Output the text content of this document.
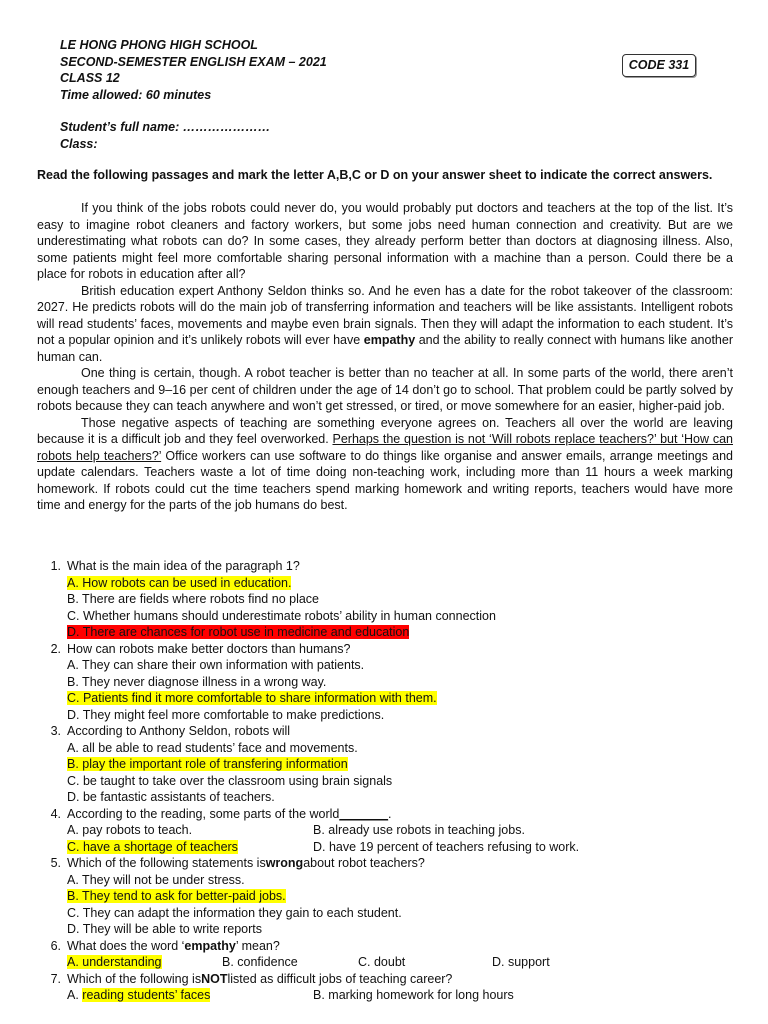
LE HONG PHONG HIGH SCHOOL
SECOND-SEMESTER ENGLISH EXAM – 2021
CLASS 12
Time allowed: 60 minutes
Student’s full name: …………………
Class:
CODE 331
Read the following passages and mark the letter A,B,C or D on your answer sheet to indicate the correct answers.

If you think of the jobs robots could never do, you would probably put doctors and teachers at the top of the list. It’s easy to imagine robot cleaners and factory workers, but some jobs need human connection and creativity. But are we underestimating what robots can do? In some cases, they already perform better than doctors at diagnosing illness. Also, some patients might feel more comfortable sharing personal information with a machine than a person. Could there be a place for robots in education after all?

British education expert Anthony Seldon thinks so. And he even has a date for the robot takeover of the classroom: 2027. He predicts robots will do the main job of transferring information and teachers will be like assistants. Intelligent robots will read students’ faces, movements and maybe even brain signals. Then they will adapt the information to each student. It’s not a popular opinion and it’s unlikely robots will ever have empathy and the ability to really connect with humans like another human can.

One thing is certain, though. A robot teacher is better than no teacher at all. In some parts of the world, there aren’t enough teachers and 9–16 per cent of children under the age of 14 don’t go to school. That problem could be partly solved by robots because they can teach anywhere and won’t get stressed, or tired, or move somewhere for an easier, higher-paid job.

Those negative aspects of teaching are something everyone agrees on. Teachers all over the world are leaving because it is a difficult job and they feel overworked. Perhaps the question is not ‘Will robots replace teachers?’ but ‘How can robots help teachers?’ Office workers can use software to do things like organise and answer emails, arrange meetings and update calendars. Teachers waste a lot of time doing non-teaching work, including more than 11 hours a week marking homework. If robots could cut the time teachers spend marking homework and writing reports, teachers would have more time and energy for the parts of the job humans do best.

1. What is the main idea of the paragraph 1?
A. How robots can be used in education.
B. There are fields where robots find no place
C. Whether humans should underestimate robots’ ability in human connection
D. There are chances for robot use in medicine and education
2. How can robots make better doctors than humans?
A. They can share their own information with patients.
B. They never diagnose illness in a wrong way.
C. Patients find it more comfortable to share information with them.
D. They might feel more comfortable to make predictions.
3. According to Anthony Seldon, robots will
A. all be able to read students’ face and movements.
B. play the important role of transfering information
C. be taught to take over the classroom using brain signals
D. be fantastic assistants of teachers.
4. According to the reading, some parts of the world _______ .
A. pay robots to teach.	B. already use robots in teaching jobs.
C. have a shortage of teachers	D. have 19 percent of teachers refusing to work.
5. Which of the following statements is wrong about robot teachers?
A. They will not be under stress.
B. They tend to ask for better-paid jobs.
C. They can adapt the information they gain to each student.
D. They will be able to write reports
6. What does the word ‘ empathy ’ mean?
A. understanding	B. confidence	C. doubt	D. support
7. Which of the following is NOT listed as difficult jobs of teaching career?
A. reading students’ faces	B. marking homework for long hours
